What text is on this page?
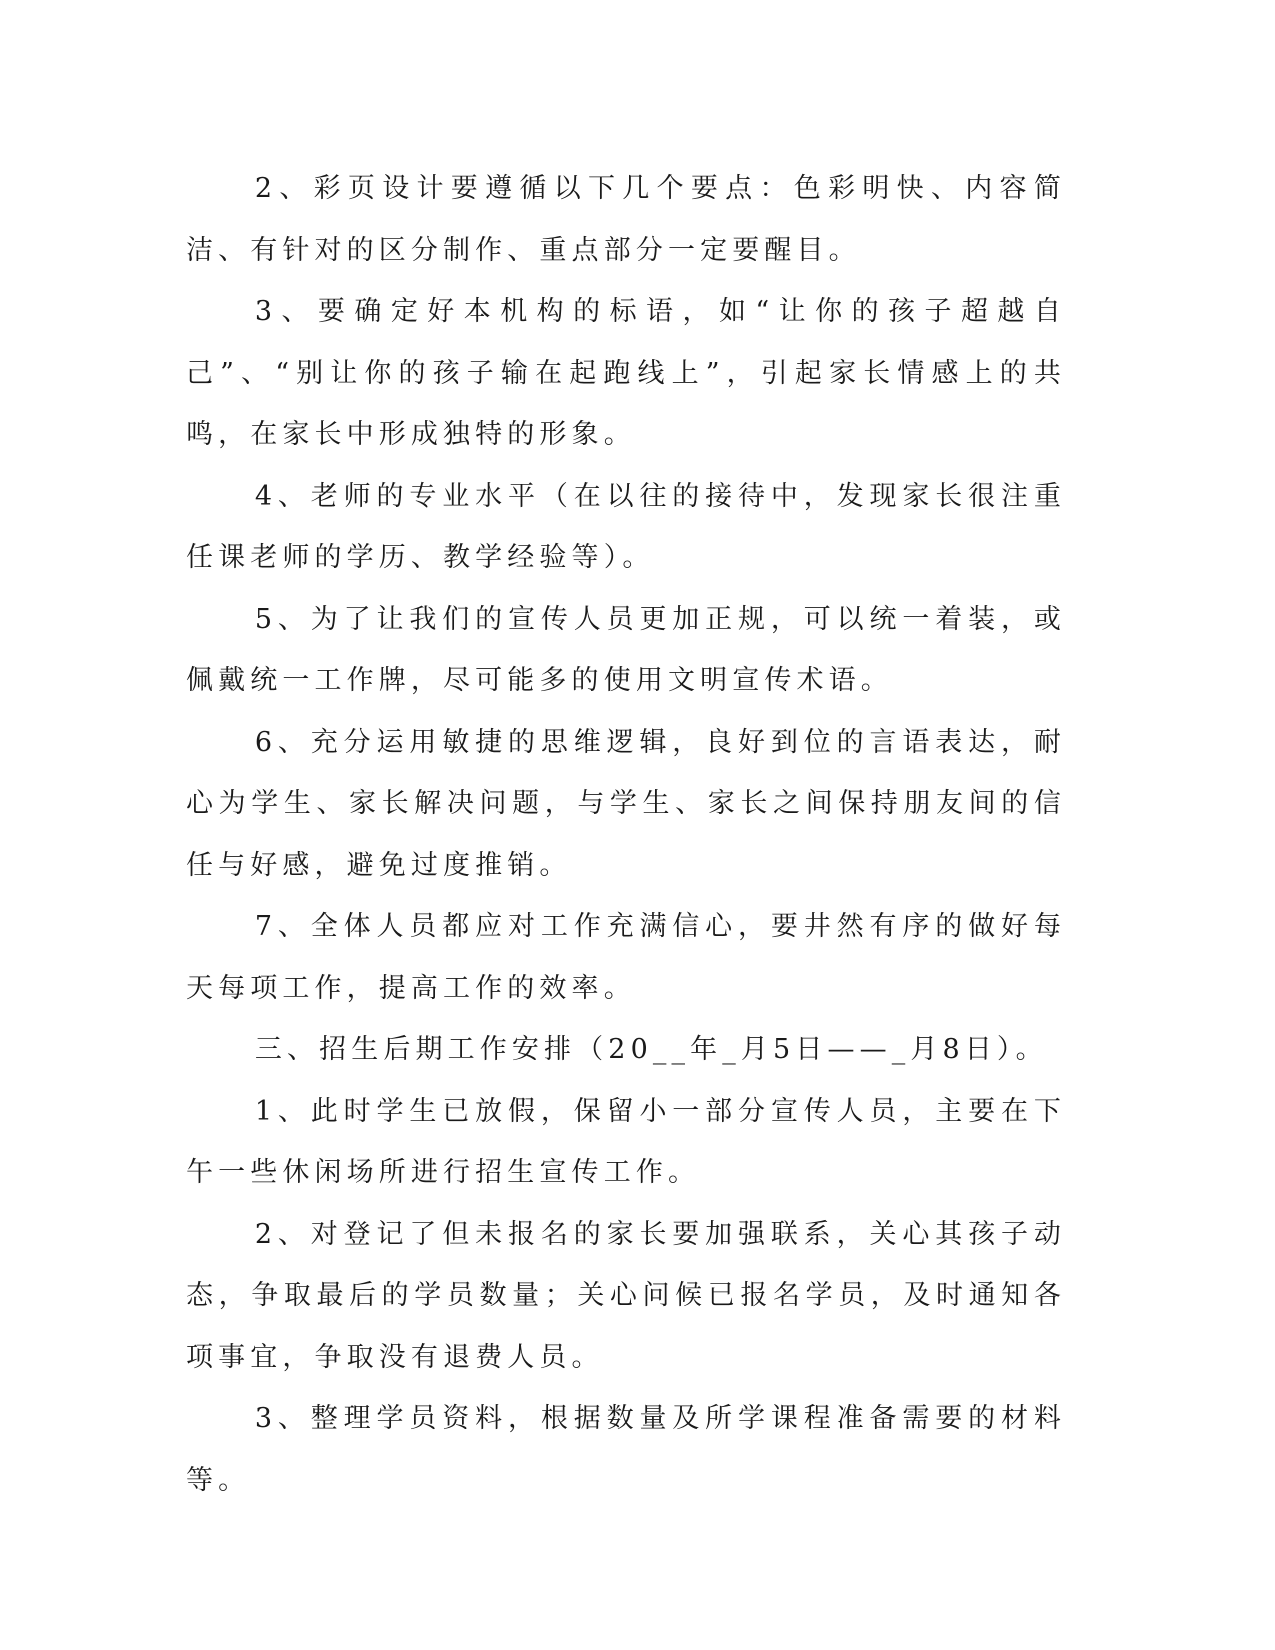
2、彩页设计要遵循以下几个要点：色彩明快、内容简洁、有针对的区分制作、重点部分一定要醒目。

3、要确定好本机构的标语，如“让你的孩子超越自己”、“别让你的孩子输在起跑线上”，引起家长情感上的共鸣，在家长中形成独特的形象。

4、老师的专业水平（在以往的接待中，发现家长很注重任课老师的学历、教学经验等）。

5、为了让我们的宣传人员更加正规，可以统一着装，或佩戴统一工作牌，尽可能多的使用文明宣传术语。

6、充分运用敏捷的思维逻辑，良好到位的言语表达，耐心为学生、家长解决问题，与学生、家长之间保持朋友间的信任与好感，避免过度推销。

7、全体人员都应对工作充满信心，要井然有序的做好每天每项工作，提高工作的效率。

三、招生后期工作安排（20__年_月5日——_月8日）。

1、此时学生已放假，保留小一部分宣传人员，主要在下午一些休闲场所进行招生宣传工作。

2、对登记了但未报名的家长要加强联系，关心其孩子动态，争取最后的学员数量；关心问候已报名学员，及时通知各项事宜，争取没有退费人员。

3、整理学员资料，根据数量及所学课程准备需要的材料等。
